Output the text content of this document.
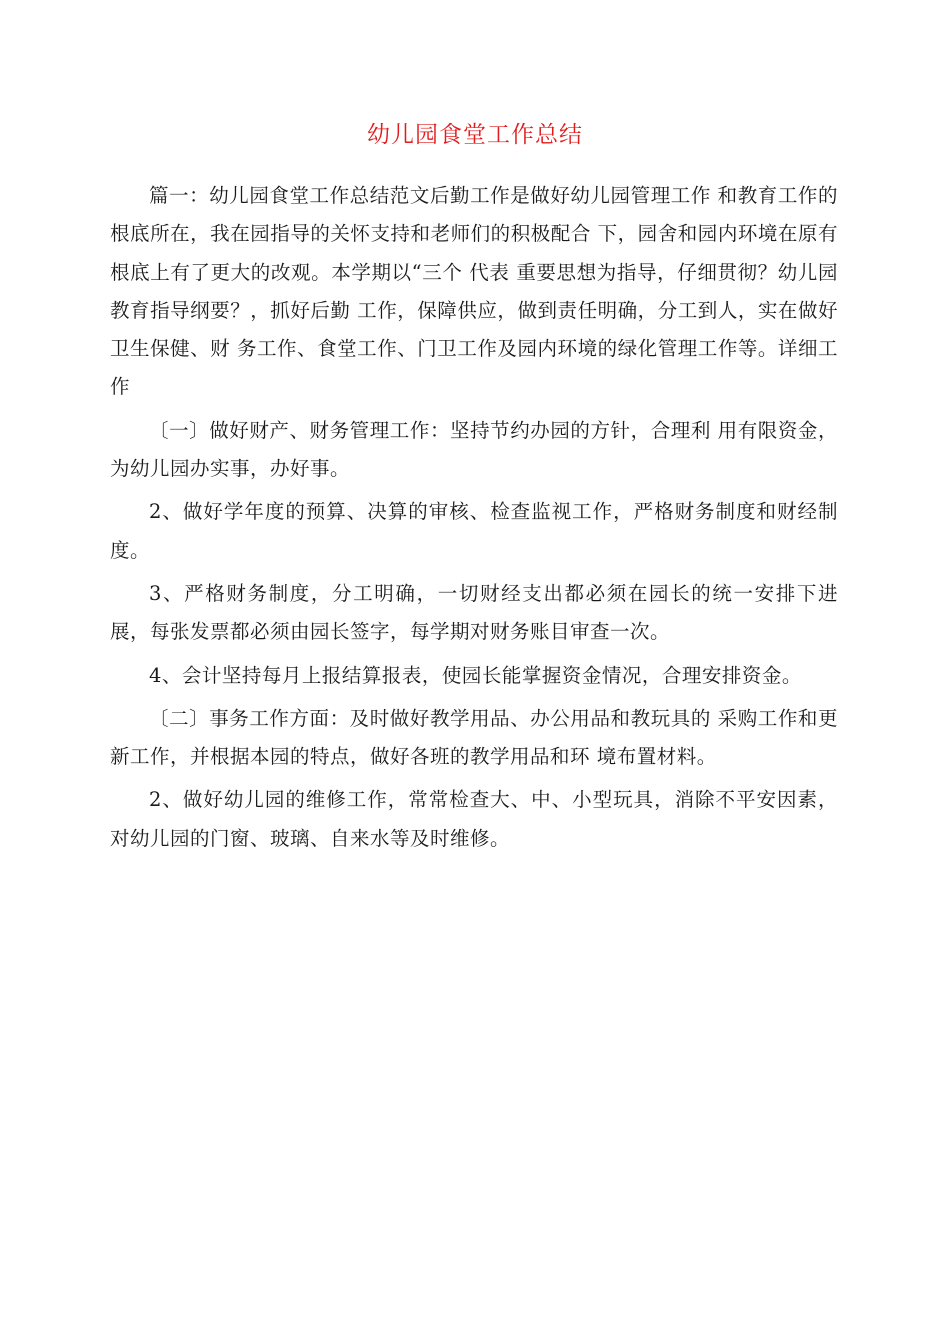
幼儿园食堂工作总结

篇一：幼儿园食堂工作总结范文后勤工作是做好幼儿园管理工作 和教育工作的根底所在，我在园指导的关怀支持和老师们的积极配合 下，园舍和园内环境在原有根底上有了更大的改观。本学期以“三个 代表 重要思想为指导，仔细贯彻？幼儿园教育指导纲要？，抓好后勤 工作，保障供应，做到责任明确，分工到人，实在做好卫生保健、财 务工作、食堂工作、门卫工作及园内环境的绿化管理工作等。详细工 作

〔一〕做好财产、财务管理工作：坚持节约办园的方针，合理利 用有限资金，为幼儿园办实事，办好事。

2、做好学年度的预算、决算的审核、检查监视工作，严格财务制度和财经制度。

3、严格财务制度，分工明确，一切财经支出都必须在园长的统一安排下进展，每张发票都必须由园长签字，每学期对财务账目审查一次。

4、会计坚持每月上报结算报表，使园长能掌握资金情况，合理安排资金。

〔二〕事务工作方面：及时做好教学用品、办公用品和教玩具的 采购工作和更新工作，并根据本园的特点，做好各班的教学用品和环 境布置材料。

2、做好幼儿园的维修工作，常常检查大、中、小型玩具，消除不平安因素，对幼儿园的门窗、玻璃、自来水等及时维修。
